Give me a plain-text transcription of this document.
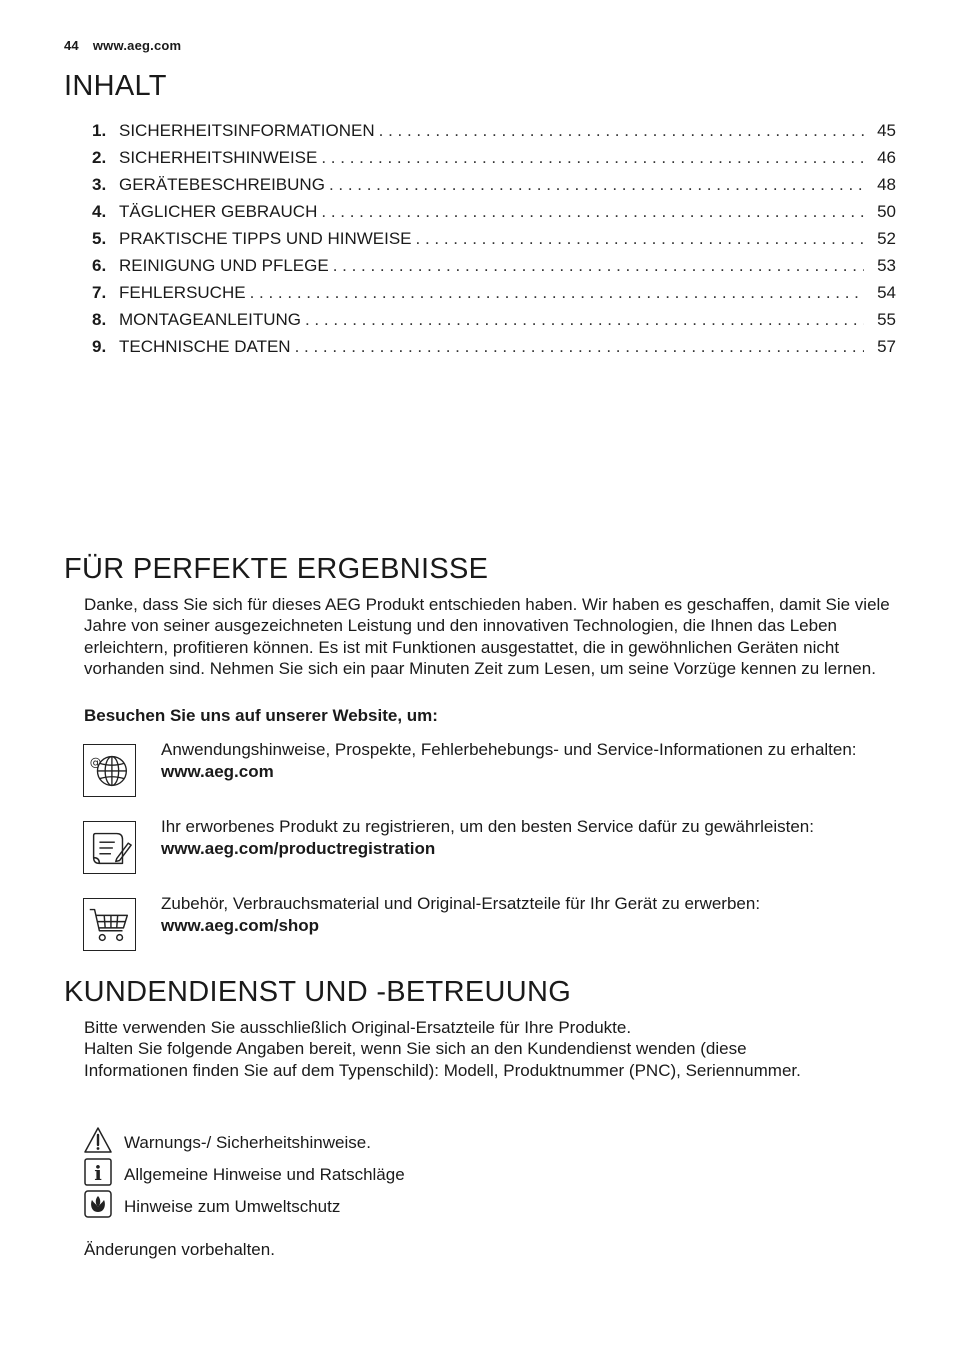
44 www.aeg.com
INHALT
1. SICHERHEITSINFORMATIONEN . . .	45
2. SICHERHEITSHINWEISE . . .	46
3. GERÄTEBESCHREIBUNG . . .	48
4. TÄGLICHER GEBRAUCH . . .	50
5. PRAKTISCHE TIPPS UND HINWEISE . . .	52
6. REINIGUNG UND PFLEGE . . .	53
7. FEHLERSUCHE . . .	54
8. MONTAGEANLEITUNG . . .	55
9. TECHNISCHE DATEN . . .	57
FÜR PERFEKTE ERGEBNISSE
Danke, dass Sie sich für dieses AEG Produkt entschieden haben. Wir haben es geschaffen, damit Sie viele Jahre von seiner ausgezeichneten Leistung und den innovativen Technologien, die Ihnen das Leben erleichtern, profitieren können. Es ist mit Funktionen ausgestattet, die in gewöhnlichen Geräten nicht vorhanden sind. Nehmen Sie sich ein paar Minuten Zeit zum Lesen, um seine Vorzüge kennen zu lernen.
Besuchen Sie uns auf unserer Website, um:
@
Anwendungshinweise, Prospekte, Fehlerbehebungs- und Service-Informationen zu erhalten:
www.aeg.com
Ihr erworbenes Produkt zu registrieren, um den besten Service dafür zu gewährleisten:
www.aeg.com/productregistration
Zubehör, Verbrauchsmaterial und Original-Ersatzteile für Ihr Gerät zu erwerben:
www.aeg.com/shop
KUNDENDIENST UND -BETREUUNG
Bitte verwenden Sie ausschließlich Original-Ersatzteile für Ihre Produkte.
Halten Sie folgende Angaben bereit, wenn Sie sich an den Kundendienst wenden (diese Informationen finden Sie auf dem Typenschild): Modell, Produktnummer (PNC), Seriennummer.
Warnungs-/ Sicherheitshinweise.
i Allgemeine Hinweise und Ratschläge
Hinweise zum Umweltschutz
Änderungen vorbehalten.
